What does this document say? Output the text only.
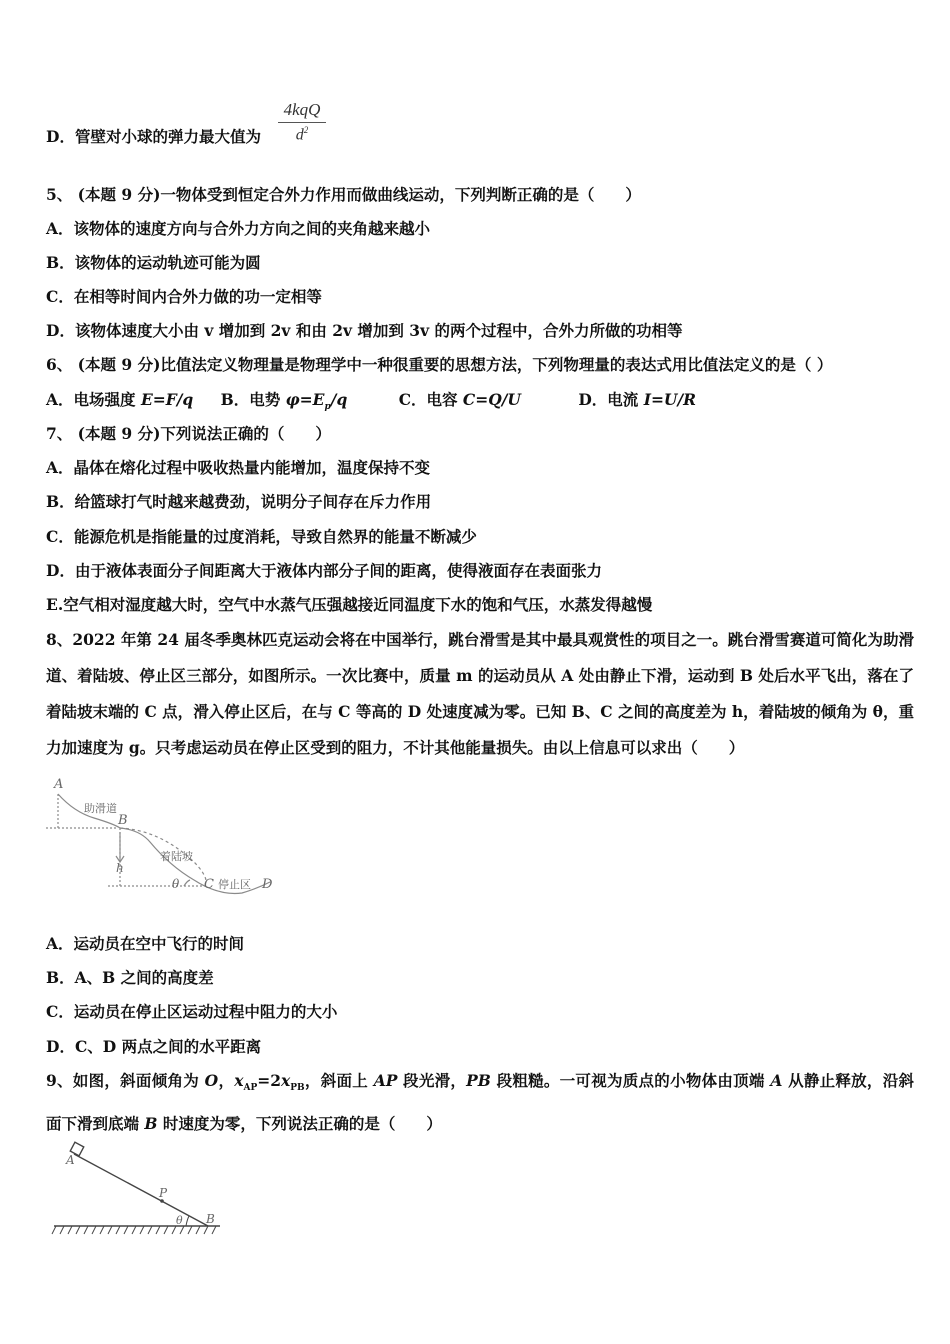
D．管壁对小球的弹力最大值为
4kqQ
$d^2$
5、 (本题 9 分)一物体受到恒定合外力作用而做曲线运动，下列判断正确的是（　　）
A．该物体的速度方向与合外力方向之间的夹角越来越小
B．该物体的运动轨迹可能为圆
C．在相等时间内合外力做的功一定相等
D．该物体速度大小由 v 增加到 2v 和由 2v 增加到 3v 的两个过程中，合外力所做的功相等
6、 (本题 9 分)比值法定义物理量是物理学中一种很重要的思想方法，下列物理量的表达式用比值法定义的是（ ）
A．电场强度 E=F/q B．电势 $\varphi=E_p/q$	C．电容 C=Q/U	D．电流 I=U/R
7、 (本题 9 分)下列说法正确的（　　）
A．晶体在熔化过程中吸收热量内能增加，温度保持不变
B．给篮球打气时越来越费劲，说明分子间存在斥力作用
C．能源危机是指能量的过度消耗，导致自然界的能量不断减少
D．由于液体表面分子间距离大于液体内部分子间的距离，使得液面存在表面张力
E.空气相对湿度越大时，空气中水蒸气压强越接近同温度下水的饱和气压，水蒸发得越慢
8、2022 年第 24 届冬季奥林匹克运动会将在中国举行，跳台滑雪是其中最具观赏性的项目之一。跳台滑雪赛道可简化为助滑道、着陆坡、停止区三部分，如图所示。一次比赛中，质量 m 的运动员从 A 处由静止下滑，运动到 B 处后水平飞出，落在了着陆坡末端的 C 点，滑入停止区后，在与 C 等高的 D 处速度减为零。已知 B、C 之间的高度差为 h，着陆坡的倾角为 θ，重力加速度为 g。只考虑运动员在停止区受到的阻力，不计其他能量损失。由以上信息可以求出（　　）
A
助滑道
B
h
着陆坡
θ C 停止区 D
A．运动员在空中飞行的时间
B．A、B 之间的高度差
C．运动员在停止区运动过程中阻力的大小
D．C、D 两点之间的水平距离
9、如图，斜面倾角为 O，$x_{AP}=2x_{PB}$，斜面上 AP 段光滑，PB 段粗糙。一可视为质点的小物体由顶端 A 从静止释放，沿斜面下滑到底端 B 时速度为零，下列说法正确的是（　　）
A
P
θ B
